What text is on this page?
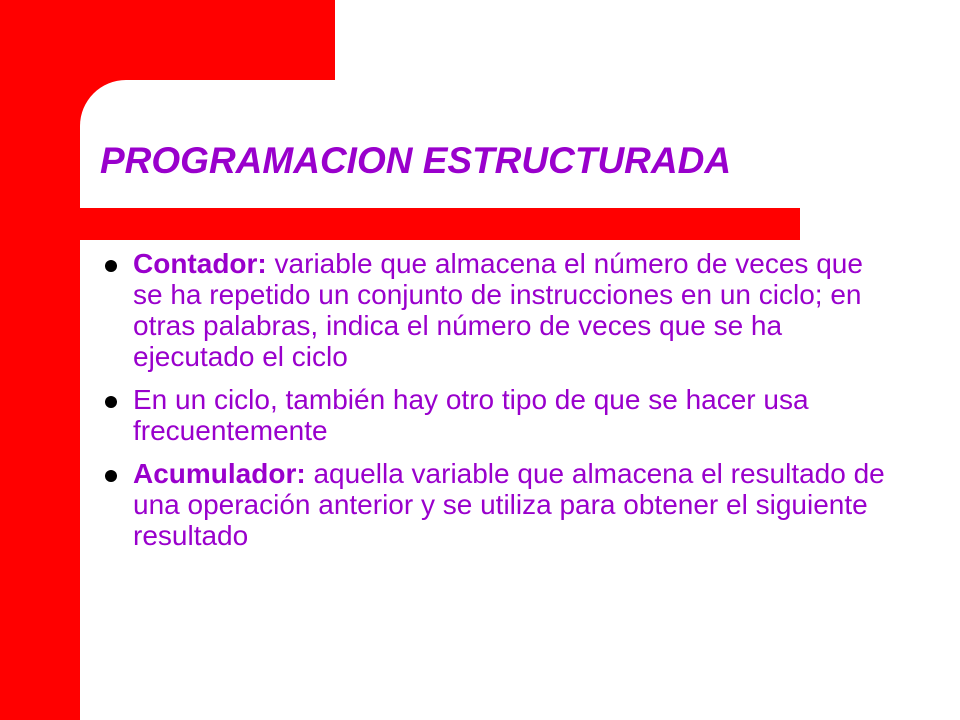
PROGRAMACION ESTRUCTURADA
Contador: variable que almacena el número de veces que se ha repetido un conjunto de instrucciones en un ciclo; en otras palabras, indica el número de veces que se ha ejecutado el ciclo
En un ciclo, también hay otro tipo de que se hacer usa frecuentemente
Acumulador: aquella variable que almacena el resultado de una operación anterior y se utiliza para obtener el siguiente resultado
